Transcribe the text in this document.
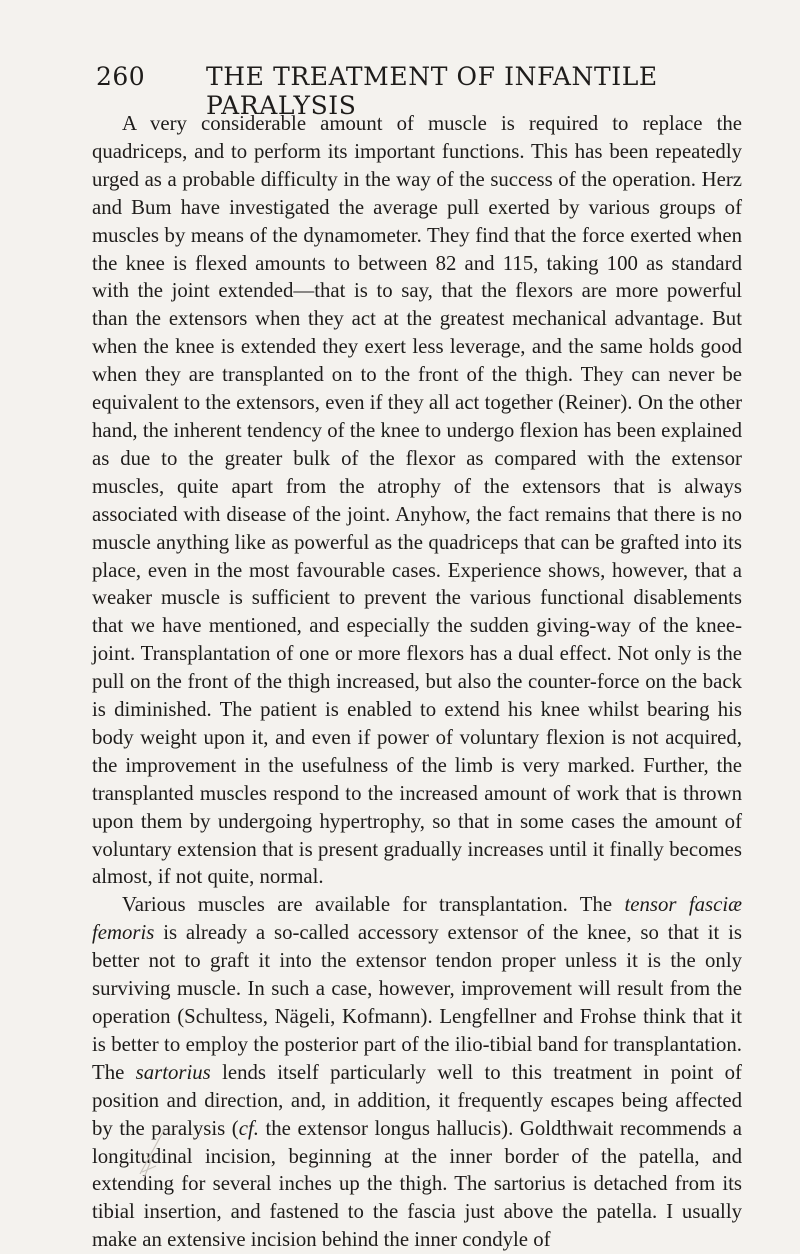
260 THE TREATMENT OF INFANTILE PARALYSIS

A very considerable amount of muscle is required to replace the quadriceps, and to perform its important functions. This has been repeatedly urged as a probable difficulty in the way of the success of the operation. Herz and Bum have investigated the average pull exerted by various groups of muscles by means of the dynamometer. They find that the force exerted when the knee is flexed amounts to between 82 and 115, taking 100 as standard with the joint extended—that is to say, that the flexors are more powerful than the extensors when they act at the greatest mechanical advantage. But when the knee is extended they exert less leverage, and the same holds good when they are transplanted on to the front of the thigh. They can never be equivalent to the extensors, even if they all act together (Reiner). On the other hand, the inherent tendency of the knee to undergo flexion has been explained as due to the greater bulk of the flexor as compared with the extensor muscles, quite apart from the atrophy of the extensors that is always associated with disease of the joint. Anyhow, the fact remains that there is no muscle anything like as powerful as the quadriceps that can be grafted into its place, even in the most favourable cases. Experience shows, however, that a weaker muscle is sufficient to prevent the various functional disablements that we have mentioned, and especially the sudden giving-way of the knee-joint. Transplantation of one or more flexors has a dual effect. Not only is the pull on the front of the thigh increased, but also the counter-force on the back is diminished. The patient is enabled to extend his knee whilst bearing his body weight upon it, and even if power of voluntary flexion is not acquired, the improvement in the usefulness of the limb is very marked. Further, the transplanted muscles respond to the increased amount of work that is thrown upon them by undergoing hypertrophy, so that in some cases the amount of voluntary extension that is present gradually increases until it finally becomes almost, if not quite, normal.

Various muscles are available for transplantation. The tensor fasciæ femoris is already a so-called accessory extensor of the knee, so that it is better not to graft it into the extensor tendon proper unless it is the only surviving muscle. In such a case, however, improvement will result from the operation (Schultess, Nägeli, Kofmann). Lengfellner and Frohse think that it is better to employ the posterior part of the ilio-tibial band for transplantation. The sartorius lends itself particularly well to this treatment in point of position and direction, and, in addition, it frequently escapes being affected by the paralysis (cf. the extensor longus hallucis). Goldthwait recommends a longitudinal incision, beginning at the inner border of the patella, and extending for several inches up the thigh. The sartorius is detached from its tibial insertion, and fastened to the fascia just above the patella. I usually make an extensive incision behind the inner condyle of
